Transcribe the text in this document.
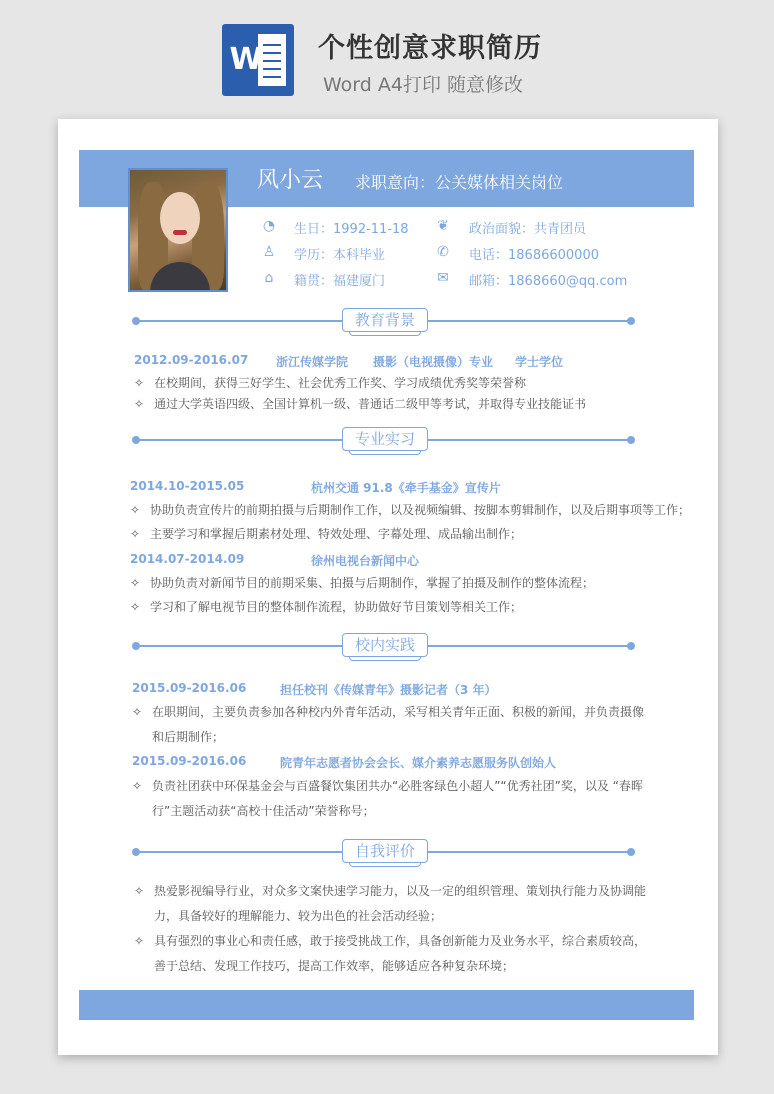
W 个性创意求职简历
Word A4打印 随意修改
风小云 求职意向：公关媒体相关岗位
◔ 生日：1992-11-18 ❦ 政治面貌：共青团员
♙ 学历：本科毕业	✆ 电话：18686600000
⌂ 籍贯：福建厦门	✉ 邮箱：1868660@qq.com
教育背景
2012.09-2016.07 浙江传媒学院 摄影（电视摄像）专业 学士学位
✧ 在校期间，获得三好学生、社会优秀工作奖、学习成绩优秀奖等荣誉称
✧ 通过大学英语四级、全国计算机一级、普通话二级甲等考试，并取得专业技能证书
专业实习
2014.10-2015.05	杭州交通 91.8《牵手基金》宣传片
✧ 协助负责宣传片的前期拍摄与后期制作工作，以及视频编辑、按脚本剪辑制作，以及后期事项等工作；
✧ 主要学习和掌握后期素材处理、特效处理、字幕处理、成品输出制作；
2014.07-2014.09	徐州电视台新闻中心
✧ 协助负责对新闻节目的前期采集、拍摄与后期制作，掌握了拍摄及制作的整体流程；
✧ 学习和了解电视节目的整体制作流程，协助做好节目策划等相关工作；
校内实践
2015.09-2016.06	担任校刊《传媒青年》摄影记者（3 年）
✧ 在职期间，主要负责参加各种校内外青年活动，采写相关青年正面、积极的新闻，并负责摄像和后期制作；
2015.09-2016.06	院青年志愿者协会会长、媒介素养志愿服务队创始人
✧ 负责社团获中环保基金会与百盛餐饮集团共办“必胜客绿色小超人”“优秀社团”奖，以及 “春晖行”主题活动获“高校十佳活动”荣誉称号；
自我评价
✧ 热爱影视编导行业，对众多文案快速学习能力，以及一定的组织管理、策划执行能力及协调能力，具备较好的理解能力、较为出色的社会活动经验；
✧ 具有强烈的事业心和责任感，敢于接受挑战工作，具备创新能力及业务水平，综合素质较高，善于总结、发现工作技巧，提高工作效率，能够适应各种复杂环境；
